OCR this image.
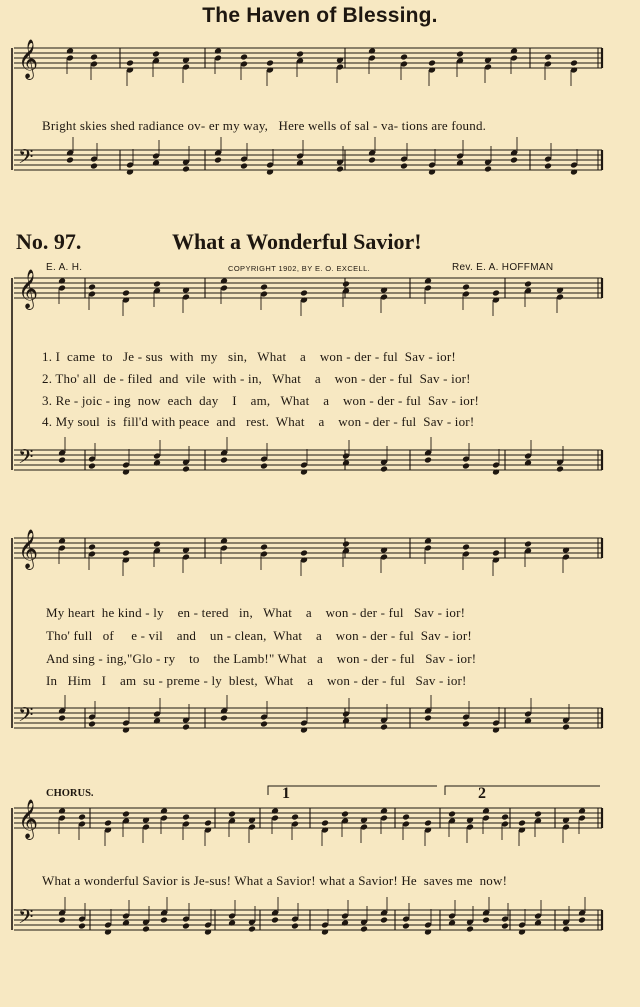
The Haven of Blessing.
Bright skies shed radiance ov- er my way,   Here wells of sal - va- tions are found.
No. 97.	What a Wonderful Savior!
E. A. H.	COPYRIGHT 1902, BY E. O. EXCELL.	Rev. E. A. HOFFMAN
1. I  came  to   Je - sus  with  my   sin,   What    a    won - der - ful  Sav - ior!
2. Tho' all  de - filed  and  vile  with - in,   What    a    won - der - ful  Sav - ior!
3. Re - joic - ing  now  each  day    I    am,   What    a    won - der - ful  Sav - ior!
4. My soul  is  fill'd with peace  and   rest.  What    a    won - der - ful  Sav - ior!
My heart  he kind - ly    en - tered   in,   What    a    won - der - ful   Sav - ior!
Tho' full   of     e - vil    and    un - clean,  What    a    won - der - ful  Sav - ior!
And sing - ing,"Glo - ry    to    the Lamb!" What   a    won - der - ful   Sav - ior!
In   Him   I    am  su - preme - ly  blest,  What    a    won - der - ful   Sav - ior!
CHORUS.
What a wonderful Savior is Je-sus! What a Savior! what a Savior! He  saves me  now!
𝄞
𝄢
𝄞
𝄢
𝄞
𝄢
𝄞
𝄢
1	2
